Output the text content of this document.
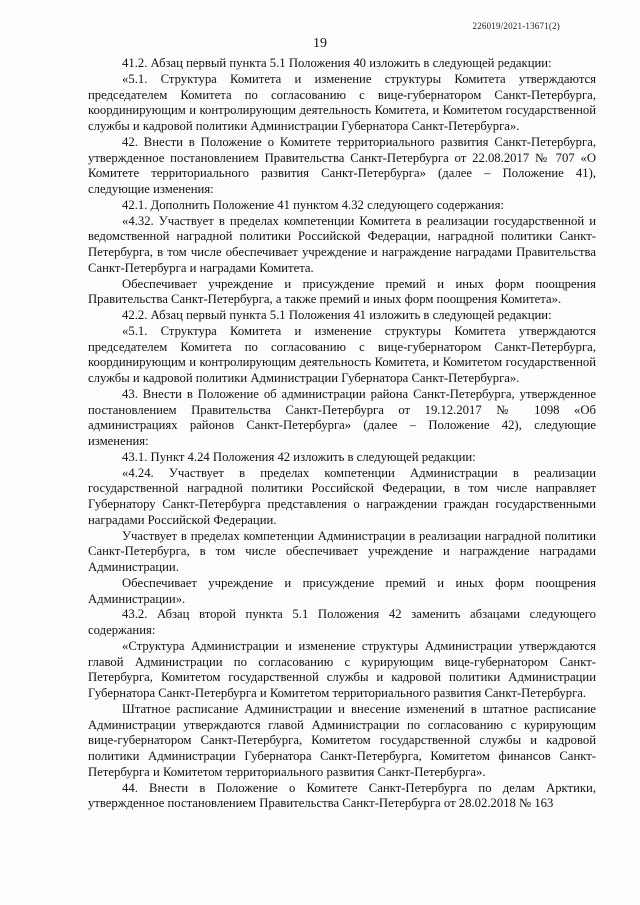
226019/2021-13671(2)
19

41.2. Абзац первый пункта 5.1 Положения 40 изложить в следующей редакции:

«5.1. Структура Комитета и изменение структуры Комитета утверждаются председателем Комитета по согласованию с вице-губернатором Санкт-Петербурга, координирующим и контролирующим деятельность Комитета, и Комитетом государственной службы и кадровой политики Администрации Губернатора Санкт-Петербурга».

42. Внести в Положение о Комитете территориального развития Санкт-Петербурга, утвержденное постановлением Правительства Санкт-Петербурга от 22.08.2017 № 707 «О Комитете территориального развития Санкт-Петербурга» (далее – Положение 41), следующие изменения:

42.1. Дополнить Положение 41 пунктом 4.32 следующего содержания:

«4.32. Участвует в пределах компетенции Комитета в реализации государственной и ведомственной наградной политики Российской Федерации, наградной политики Санкт-Петербурга, в том числе обеспечивает учреждение и награждение наградами Правительства Санкт-Петербурга и наградами Комитета.

Обеспечивает учреждение и присуждение премий и иных форм поощрения Правительства Санкт-Петербурга, а также премий и иных форм поощрения Комитета».

42.2. Абзац первый пункта 5.1 Положения 41 изложить в следующей редакции:

«5.1. Структура Комитета и изменение структуры Комитета утверждаются председателем Комитета по согласованию с вице-губернатором Санкт-Петербурга, координирующим и контролирующим деятельность Комитета, и Комитетом государственной службы и кадровой политики Администрации Губернатора Санкт-Петербурга».

43. Внести в Положение об администрации района Санкт-Петербурга, утвержденное постановлением Правительства Санкт-Петербурга от 19.12.2017 № 1098 «Об администрациях районов Санкт-Петербурга» (далее – Положение 42), следующие изменения:

43.1. Пункт 4.24 Положения 42 изложить в следующей редакции:

«4.24. Участвует в пределах компетенции Администрации в реализации государственной наградной политики Российской Федерации, в том числе направляет Губернатору Санкт-Петербурга представления о награждении граждан государственными наградами Российской Федерации.

Участвует в пределах компетенции Администрации в реализации наградной политики Санкт-Петербурга, в том числе обеспечивает учреждение и награждение наградами Администрации.

Обеспечивает учреждение и присуждение премий и иных форм поощрения Администрации».

43.2. Абзац второй пункта 5.1 Положения 42 заменить абзацами следующего содержания:

«Структура Администрации и изменение структуры Администрации утверждаются главой Администрации по согласованию с курирующим вице-губернатором Санкт-Петербурга, Комитетом государственной службы и кадровой политики Администрации Губернатора Санкт-Петербурга и Комитетом территориального развития Санкт-Петербурга.

Штатное расписание Администрации и внесение изменений в штатное расписание Администрации утверждаются главой Администрации по согласованию с курирующим вице-губернатором Санкт-Петербурга, Комитетом государственной службы и кадровой политики Администрации Губернатора Санкт-Петербурга, Комитетом финансов Санкт-Петербурга и Комитетом территориального развития Санкт-Петербурга».

44. Внести в Положение о Комитете Санкт-Петербурга по делам Арктики, утвержденное постановлением Правительства Санкт-Петербурга от 28.02.2018 № 163
